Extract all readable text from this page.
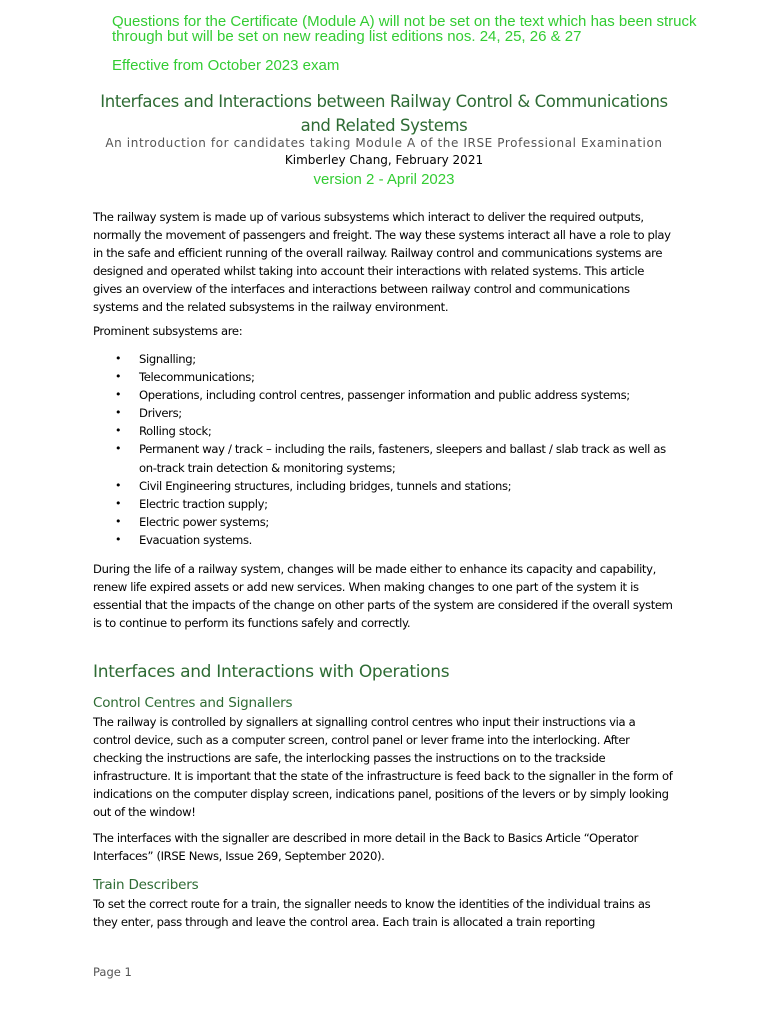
Questions for the Certificate (Module A) will not be set on the text which has been struck through but will be set on new reading list editions nos. 24, 25, 26 & 27
Effective from October 2023 exam
Interfaces and Interactions between Railway Control & Communications and Related Systems
An introduction for candidates taking Module A of the IRSE Professional Examination
Kimberley Chang, February 2021
version 2 - April 2023

The railway system is made up of various subsystems which interact to deliver the required outputs, normally the movement of passengers and freight. The way these systems interact all have a role to play in the safe and efficient running of the overall railway. Railway control and communications systems are designed and operated whilst taking into account their interactions with related systems. This article gives an overview of the interfaces and interactions between railway control and communications systems and the related subsystems in the railway environment.

Prominent subsystems are:

• Signalling;
• Telecommunications;
• Operations, including control centres, passenger information and public address systems;
• Drivers;
• Rolling stock;
• Permanent way / track – including the rails, fasteners, sleepers and ballast / slab track as well as on-track train detection & monitoring systems;
• Civil Engineering structures, including bridges, tunnels and stations;
• Electric traction supply;
• Electric power systems;
• Evacuation systems.

During the life of a railway system, changes will be made either to enhance its capacity and capability, renew life expired assets or add new services. When making changes to one part of the system it is essential that the impacts of the change on other parts of the system are considered if the overall system is to continue to perform its functions safely and correctly.

Interfaces and Interactions with Operations
Control Centres and Signallers

The railway is controlled by signallers at signalling control centres who input their instructions via a control device, such as a computer screen, control panel or lever frame into the interlocking. After checking the instructions are safe, the interlocking passes the instructions on to the trackside infrastructure. It is important that the state of the infrastructure is feed back to the signaller in the form of indications on the computer display screen, indications panel, positions of the levers or by simply looking out of the window!

The interfaces with the signaller are described in more detail in the Back to Basics Article “Operator Interfaces” (IRSE News, Issue 269, September 2020).

Train Describers

To set the correct route for a train, the signaller needs to know the identities of the individual trains as they enter, pass through and leave the control area. Each train is allocated a train reporting

Page 1
